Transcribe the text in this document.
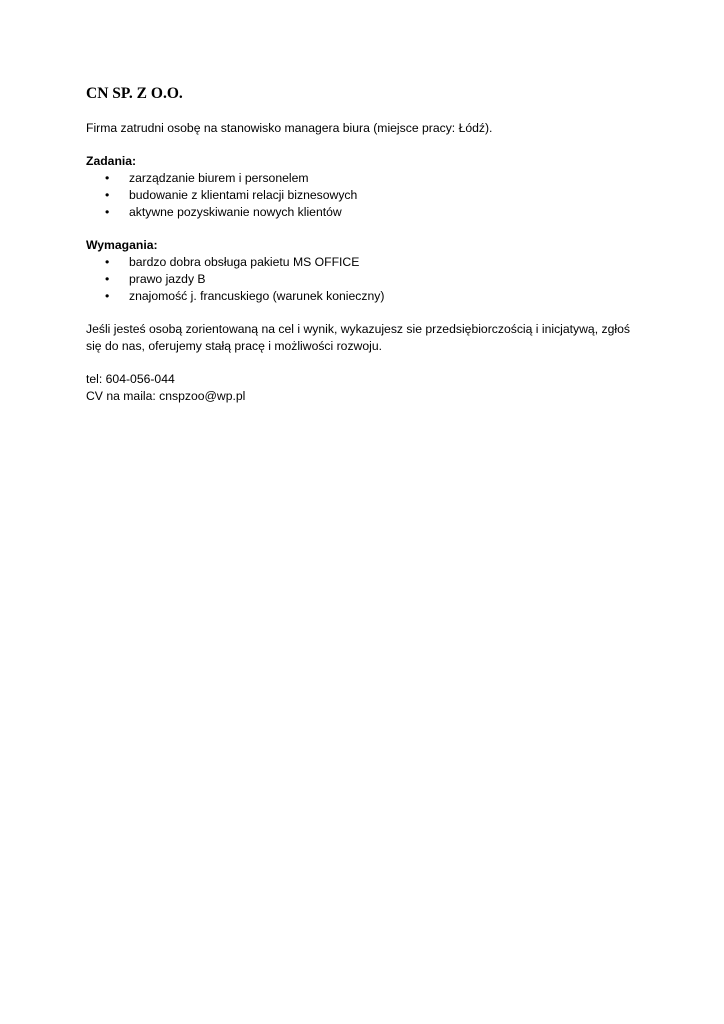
CN SP. Z O.O.

Firma zatrudni osobę na stanowisko managera biura (miejsce pracy: Łódź).

Zadania:
• zarządzanie biurem i personelem
• budowanie z klientami relacji biznesowych
• aktywne pozyskiwanie nowych klientów
Wymagania:
• bardzo dobra obsługa pakietu MS OFFICE
• prawo jazdy B
• znajomość j. francuskiego (warunek konieczny)

Jeśli jesteś osobą zorientowaną na cel i wynik, wykazujesz sie przedsiębiorczością i inicjatywą, zgłoś się do nas, oferujemy stałą pracę i możliwości rozwoju.

tel: 604-056-044

CV na maila: cnspzoo@wp.pl
